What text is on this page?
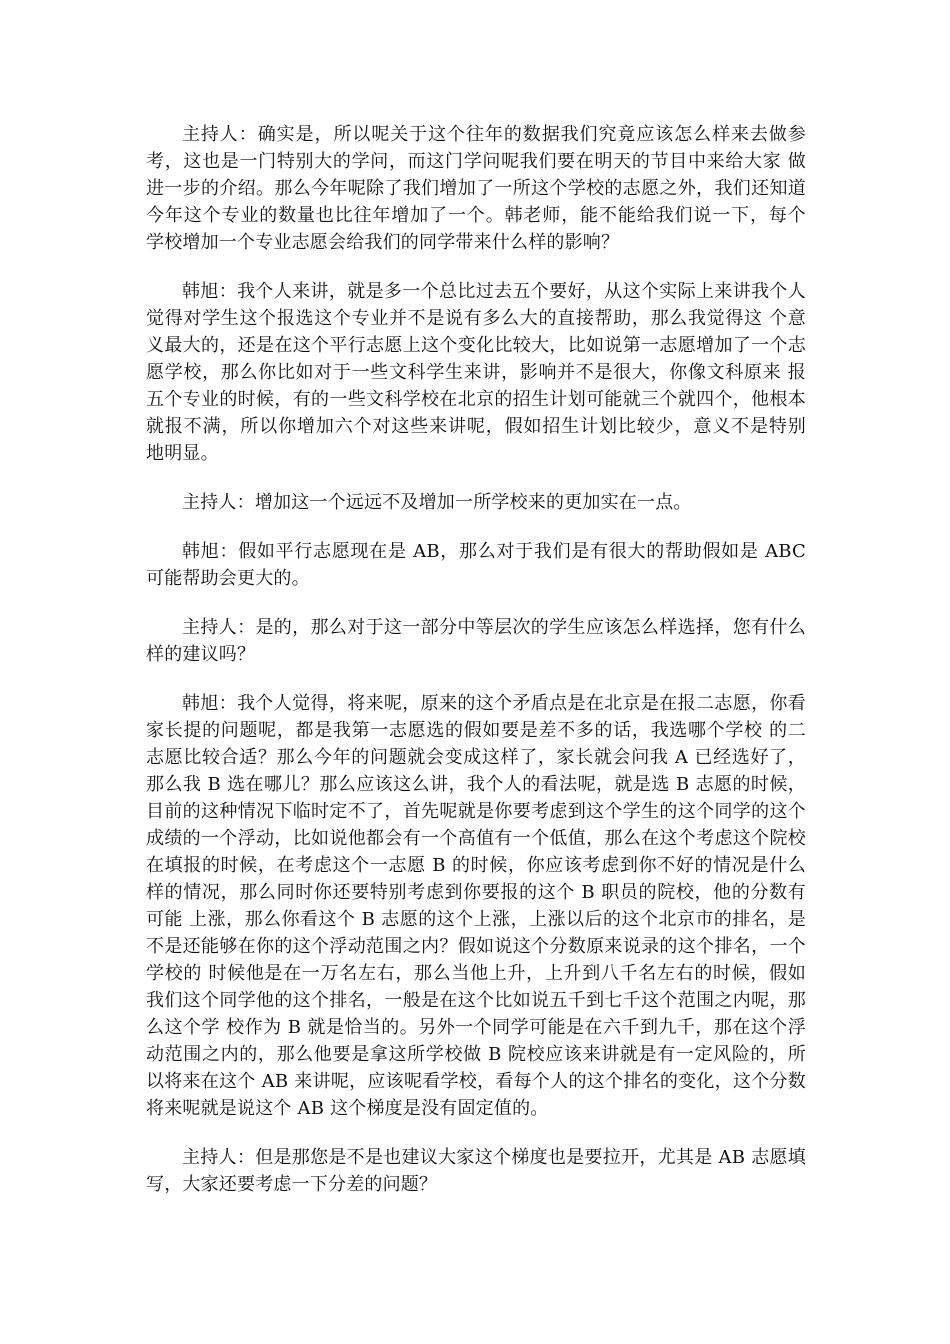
主持人：确实是，所以呢关于这个往年的数据我们究竟应该怎么样来去做参考，这也是一门特别大的学问，而这门学问呢我们要在明天的节目中来给大家 做进一步的介绍。那么今年呢除了我们增加了一所这个学校的志愿之外，我们还知道今年这个专业的数量也比往年增加了一个。韩老师，能不能给我们说一下，每个 学校增加一个专业志愿会给我们的同学带来什么样的影响？

韩旭：我个人来讲，就是多一个总比过去五个要好，从这个实际上来讲我个人觉得对学生这个报选这个专业并不是说有多么大的直接帮助，那么我觉得这 个意义最大的，还是在这个平行志愿上这个变化比较大，比如说第一志愿增加了一个志愿学校，那么你比如对于一些文科学生来讲，影响并不是很大，你像文科原来 报五个专业的时候，有的一些文科学校在北京的招生计划可能就三个就四个，他根本就报不满，所以你增加六个对这些来讲呢，假如招生计划比较少，意义不是特别 地明显。

主持人：增加这一个远远不及增加一所学校来的更加实在一点。

韩旭：假如平行志愿现在是 AB，那么对于我们是有很大的帮助假如是 ABC 可能帮助会更大的。

主持人：是的，那么对于这一部分中等层次的学生应该怎么样选择，您有什么样的建议吗？

韩旭：我个人觉得，将来呢，原来的这个矛盾点是在北京是在报二志愿，你看家长提的问题呢，都是我第一志愿选的假如要是差不多的话，我选哪个学校 的二志愿比较合适？那么今年的问题就会变成这样了，家长就会问我 A 已经选好了，那么我 B 选在哪儿？那么应该这么讲，我个人的看法呢，就是选 B 志愿的时候， 目前的这种情况下临时定不了，首先呢就是你要考虑到这个学生的这个同学的这个成绩的一个浮动，比如说他都会有一个高值有一个低值，那么在这个考虑这个院校 在填报的时候，在考虑这个一志愿 B 的时候，你应该考虑到你不好的情况是什么样的情况，那么同时你还要特别考虑到你要报的这个 B 职员的院校，他的分数有可能 上涨，那么你看这个 B 志愿的这个上涨，上涨以后的这个北京市的排名，是不是还能够在你的这个浮动范围之内？假如说这个分数原来说录的这个排名，一个学校的 时候他是在一万名左右，那么当他上升，上升到八千名左右的时候，假如我们这个同学他的这个排名，一般是在这个比如说五千到七千这个范围之内呢，那么这个学 校作为 B 就是恰当的。另外一个同学可能是在六千到九千，那在这个浮动范围之内的，那么他要是拿这所学校做 B 院校应该来讲就是有一定风险的，所以将来在这个 AB 来讲呢，应该呢看学校，看每个人的这个排名的变化，这个分数将来呢就是说这个 AB 这个梯度是没有固定值的。

主持人：但是那您是不是也建议大家这个梯度也是要拉开，尤其是 AB 志愿填写，大家还要考虑一下分差的问题？
